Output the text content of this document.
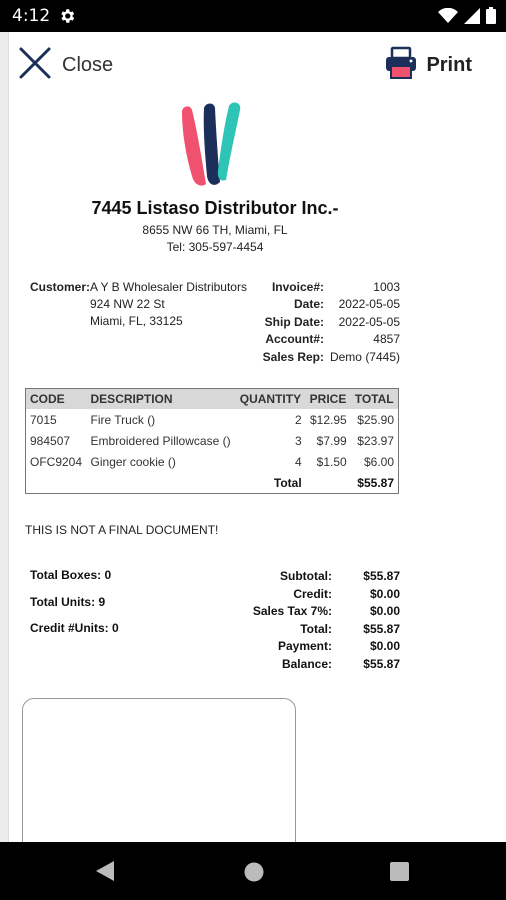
4:12
Close	Print
7445 Listaso Distributor Inc.-
8655 NW 66 TH, Miami, FL
Tel: 305-597-4454
Customer: A Y B Wholesaler Distributors
924 NW 22 St
Miami, FL, 33125
Invoice#:	1003
Date:	2022-05-05
Ship Date:	2022-05-05
Account#:	4857
Sales Rep: Demo (7445)
CODE	DESCRIPTION	QUANTITY	PRICE	TOTAL
7015	Fire Truck ()	2	$12.95	$25.90
984507	Embroidered Pillowcase ()	3	$7.99	$23.97
OFC9204	Ginger cookie ()	4	$1.50	$6.00
		Total		$55.87
THIS IS NOT A FINAL DOCUMENT!
Total Boxes: 0
Total Units: 9
Credit #Units: 0
Subtotal:	$55.87
Credit:	$0.00
Sales Tax 7%:	$0.00
Total:	$55.87
Payment:	$0.00
Balance:	$55.87
